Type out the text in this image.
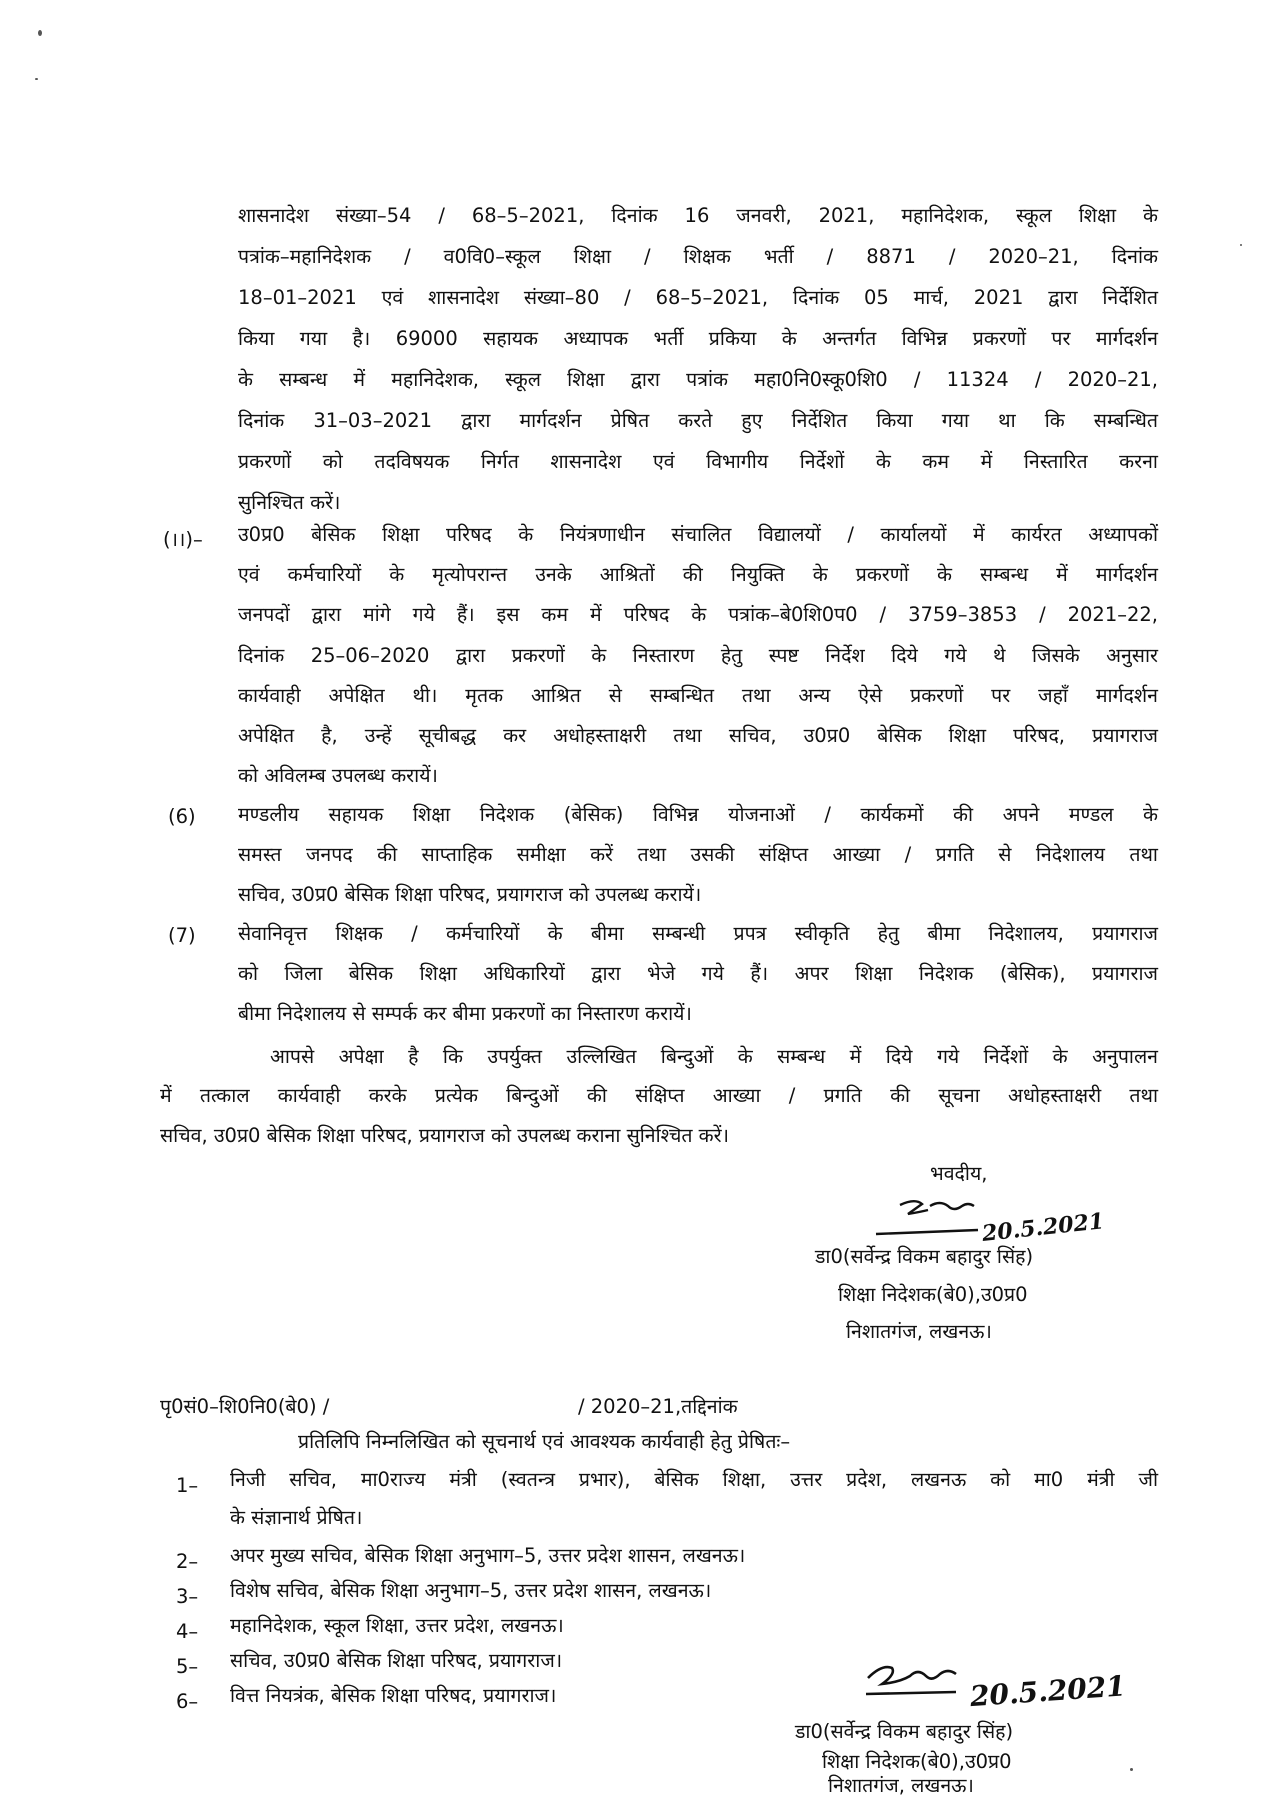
शासनादेश संख्या–54 / 68–5–2021, दिनांक 16 जनवरी, 2021, महानिदेशक, स्कूल शिक्षा के
पत्रांक–महानिदेशक / व0वि0–स्कूल शिक्षा / शिक्षक भर्ती / 8871 / 2020–21, दिनांक
18–01–2021 एवं शासनादेश संख्या–80 / 68–5–2021, दिनांक 05 मार्च, 2021 द्वारा निर्देशित
किया गया है। 69000 सहायक अध्यापक भर्ती प्रकिया के अन्तर्गत विभिन्न प्रकरणों पर मार्गदर्शन
के सम्बन्ध में महानिदेशक, स्कूल शिक्षा द्वारा पत्रांक महा0नि0स्कू0शि0 / 11324 / 2020–21,
दिनांक 31–03–2021 द्वारा मार्गदर्शन प्रेषित करते हुए निर्देशित किया गया था कि सम्बन्धित
प्रकरणों को तदविषयक निर्गत शासनादेश एवं विभागीय निर्देशों के कम में निस्तारित करना
सुनिश्चित करें।
(।।)– उ0प्र0 बेसिक शिक्षा परिषद के नियंत्रणाधीन संचालित विद्यालयों / कार्यालयों में कार्यरत अध्यापकों
एवं कर्मचारियों के मृत्योपरान्त उनके आश्रितों की नियुक्ति के प्रकरणों के सम्बन्ध में मार्गदर्शन
जनपदों द्वारा मांगे गये हैं। इस कम में परिषद के पत्रांक–बे0शि0प0 / 3759–3853 / 2021–22,
दिनांक 25–06–2020 द्वारा प्रकरणों के निस्तारण हेतु स्पष्ट निर्देश दिये गये थे जिसके अनुसार
कार्यवाही अपेक्षित थी। मृतक आश्रित से सम्बन्धित तथा अन्य ऐसे प्रकरणों पर जहाँ मार्गदर्शन
अपेक्षित है, उन्हें सूचीबद्ध कर अधोहस्ताक्षरी तथा सचिव, उ0प्र0 बेसिक शिक्षा परिषद, प्रयागराज
को अविलम्ब उपलब्ध करायें।
(6) मण्डलीय सहायक शिक्षा निदेशक (बेसिक) विभिन्न योजनाओं / कार्यकमों की अपने मण्डल के
समस्त जनपद की साप्ताहिक समीक्षा करें तथा उसकी संक्षिप्त आख्या / प्रगति से निदेशालय तथा
सचिव, उ0प्र0 बेसिक शिक्षा परिषद, प्रयागराज को उपलब्ध करायें।
(7) सेवानिवृत्त शिक्षक / कर्मचारियों के बीमा सम्बन्धी प्रपत्र स्वीकृति हेतु बीमा निदेशालय, प्रयागराज
को जिला बेसिक शिक्षा अधिकारियों द्वारा भेजे गये हैं। अपर शिक्षा निदेशक (बेसिक), प्रयागराज
बीमा निदेशालय से सम्पर्क कर बीमा प्रकरणों का निस्तारण करायें।
आपसे अपेक्षा है कि उपर्युक्त उल्लिखित बिन्दुओं के सम्बन्ध में दिये गये निर्देशों के अनुपालन
में तत्काल कार्यवाही करके प्रत्येक बिन्दुओं की संक्षिप्त आख्या / प्रगति की सूचना अधोहस्ताक्षरी तथा
सचिव, उ0प्र0 बेसिक शिक्षा परिषद, प्रयागराज को उपलब्ध कराना सुनिश्चित करें।
भवदीय,
20.5.2021
डा0(सर्वेन्द्र विकम बहादुर सिंह)
शिक्षा निदेशक(बे0),उ0प्र0
निशातगंज, लखनऊ।
पृ0सं0–शि0नि0(बे0) /	/ 2020–21,तद्दिनांक
प्रतिलिपि निम्नलिखित को सूचनार्थ एवं आवश्यक कार्यवाही हेतु प्रेषितः–
1– निजी सचिव, मा0राज्य मंत्री (स्वतन्त्र प्रभार), बेसिक शिक्षा, उत्तर प्रदेश, लखनऊ को मा0 मंत्री जी
के संज्ञानार्थ प्रेषित।
2– अपर मुख्य सचिव, बेसिक शिक्षा अनुभाग–5, उत्तर प्रदेश शासन, लखनऊ।
3– विशेष सचिव, बेसिक शिक्षा अनुभाग–5, उत्तर प्रदेश शासन, लखनऊ।
4– महानिदेशक, स्कूल शिक्षा, उत्तर प्रदेश, लखनऊ।
5– सचिव, उ0प्र0 बेसिक शिक्षा परिषद, प्रयागराज।
6– वित्त नियत्रंक, बेसिक शिक्षा परिषद, प्रयागराज।	20.5.2021
डा0(सर्वेन्द्र विकम बहादुर सिंह)
शिक्षा निदेशक(बे0),उ0प्र0
निशातगंज, लखनऊ।
